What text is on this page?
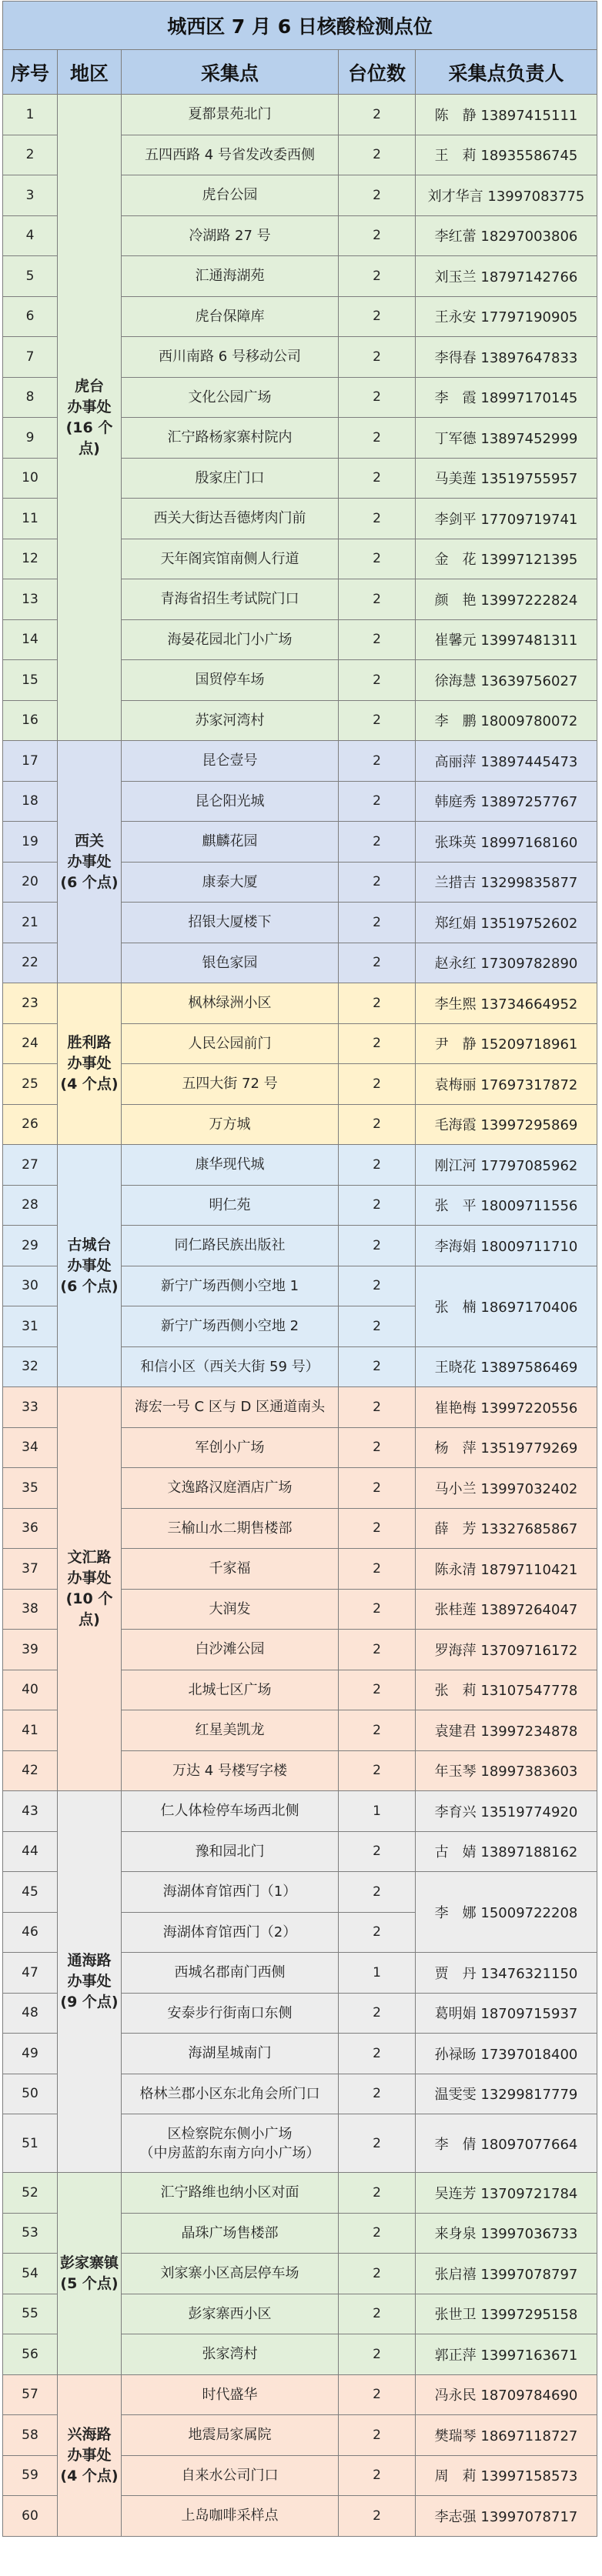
城西区 7 月 6 日核酸检测点位				
序号	地区	采集点	台位数	采集点负责人
1	虎台
办事处
(16 个点)	夏都景苑北门	2	陈　静 13897415111
2		五四西路 4 号省发改委西侧	2	王　莉 18935586745
3		虎台公园	2	刘才华言 13997083775
4		冷湖路 27 号	2	李红蕾 18297003806
5		汇通海湖苑	2	刘玉兰 18797142766
6		虎台保障库	2	王永安 17797190905
7		西川南路 6 号移动公司	2	李得春 13897647833
8		文化公园广场	2	李　霞 18997170145
9		汇宁路杨家寨村院内	2	丁军德 13897452999
10		殷家庄门口	2	马美莲 13519755957
11		西关大街达吾德烤肉门前	2	李剑平 17709719741
12		天年阁宾馆南侧人行道	2	金　花 13997121395
13		青海省招生考试院门口	2	颜　艳 13997222824
14		海晏花园北门小广场	2	崔馨元 13997481311
15		国贸停车场	2	徐海慧 13639756027
16		苏家河湾村	2	李　鹏 18009780072
17	西关
办事处
(6 个点)	昆仑壹号	2	高丽萍 13897445473
18		昆仑阳光城	2	韩庭秀 13897257767
19		麒麟花园	2	张珠英 18997168160
20		康泰大厦	2	兰措吉 13299835877
21		招银大厦楼下	2	郑红娟 13519752602
22		银色家园	2	赵永红 17309782890
23	胜利路
办事处
(4 个点)	枫林绿洲小区	2	李生熙 13734664952
24		人民公园前门	2	尹　静 15209718961
25		五四大街 72 号	2	袁梅丽 17697317872
26		万方城	2	毛海霞 13997295869
27	古城台
办事处
(6 个点)	康华现代城	2	刚江河 17797085962
28		明仁苑	2	张　平 18009711556
29		同仁路民族出版社	2	李海娟 18009711710
30		新宁广场西侧小空地 1	2	张　楠 18697170406
31		新宁广场西侧小空地 2	2	
32		和信小区（西关大街 59 号）	2	王晓花 13897586469
33	文汇路
办事处
(10 个点)	海宏一号 C 区与 D 区通道南头	2	崔艳梅 13997220556
34		军创小广场	2	杨　萍 13519779269
35		文逸路汉庭酒店广场	2	马小兰 13997032402
36		三榆山水二期售楼部	2	薛　芳 13327685867
37		千家福	2	陈永清 18797110421
38		大润发	2	张桂莲 13897264047
39		白沙滩公园	2	罗海萍 13709716172
40		北城七区广场	2	张　莉 13107547778
41		红星美凯龙	2	袁建君 13997234878
42		万达 4 号楼写字楼	2	年玉琴 18997383603
43	通海路
办事处
(9 个点)	仁人体检停车场西北侧	1	李育兴 13519774920
44		豫和园北门	2	古　婧 13897188162
45		海湖体育馆西门（1）	2	李　娜 15009722208
46		海湖体育馆西门（2）	2	
47		西城名郡南门西侧	1	贾　丹 13476321150
48		安泰步行街南口东侧	2	葛明娟 18709715937
49		海湖星城南门	2	孙禄旸 17397018400
50		格林兰郡小区东北角会所门口	2	温雯雯 13299817779
51		区检察院东侧小广场
（中房蓝韵东南方向小广场）	2	李　倩 18097077664
52	彭家寨镇
(5 个点)	汇宁路维也纳小区对面	2	吴连芳 13709721784
53		晶珠广场售楼部	2	来身泉 13997036733
54		刘家寨小区高层停车场	2	张启禧 13997078797
55		彭家寨西小区	2	张世卫 13997295158
56		张家湾村	2	郭正萍 13997163671
57	兴海路
办事处
(4 个点)	时代盛华	2	冯永民 18709784690
58		地震局家属院	2	樊瑞琴 18697118727
59		自来水公司门口	2	周　莉 13997158573
60		上岛咖啡采样点	2	李志强 13997078717
